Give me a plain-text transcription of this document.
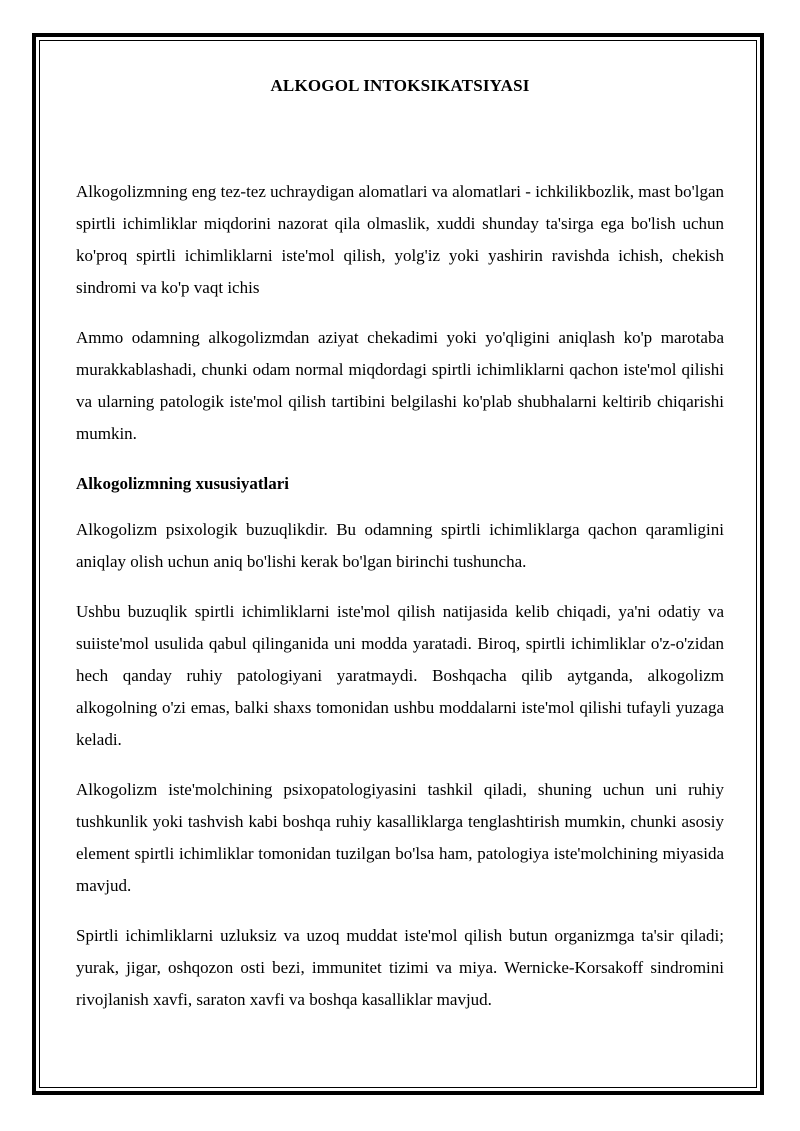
ALKOGOL INTOKSIKATSIYASI

Alkogolizmning eng tez-tez uchraydigan alomatlari va alomatlari - ichkilikbozlik, mast bo'lgan spirtli ichimliklar miqdorini nazorat qila olmaslik, xuddi shunday ta'sirga ega bo'lish uchun ko'proq spirtli ichimliklarni iste'mol qilish, yolg'iz yoki yashirin ravishda ichish, chekish sindromi va ko'p vaqt ichis

Ammo odamning alkogolizmdan aziyat chekadimi yoki yo'qligini aniqlash ko'p marotaba murakkablashadi, chunki odam normal miqdordagi spirtli ichimliklarni qachon iste'mol qilishi va ularning patologik iste'mol qilish tartibini belgilashi ko'plab shubhalarni keltirib chiqarishi mumkin.

Alkogolizmning xususiyatlari

Alkogolizm psixologik buzuqlikdir. Bu odamning spirtli ichimliklarga qachon qaramligini aniqlay olish uchun aniq bo'lishi kerak bo'lgan birinchi tushuncha.

Ushbu buzuqlik spirtli ichimliklarni iste'mol qilish natijasida kelib chiqadi, ya'ni odatiy va suiiste'mol usulida qabul qilinganida uni modda yaratadi. Biroq, spirtli ichimliklar o'z-o'zidan hech qanday ruhiy patologiyani yaratmaydi. Boshqacha qilib aytganda, alkogolizm alkogolning o'zi emas, balki shaxs tomonidan ushbu moddalarni iste'mol qilishi tufayli yuzaga keladi.

Alkogolizm iste'molchining psixopatologiyasini tashkil qiladi, shuning uchun uni ruhiy tushkunlik yoki tashvish kabi boshqa ruhiy kasalliklarga tenglashtirish mumkin, chunki asosiy element spirtli ichimliklar tomonidan tuzilgan bo'lsa ham, patologiya iste'molchining miyasida mavjud.

Spirtli ichimliklarni uzluksiz va uzoq muddat iste'mol qilish butun organizmga ta'sir qiladi; yurak, jigar, oshqozon osti bezi, immunitet tizimi va miya. Wernicke-Korsakoff sindromini rivojlanish xavfi, saraton xavfi va boshqa kasalliklar mavjud.
